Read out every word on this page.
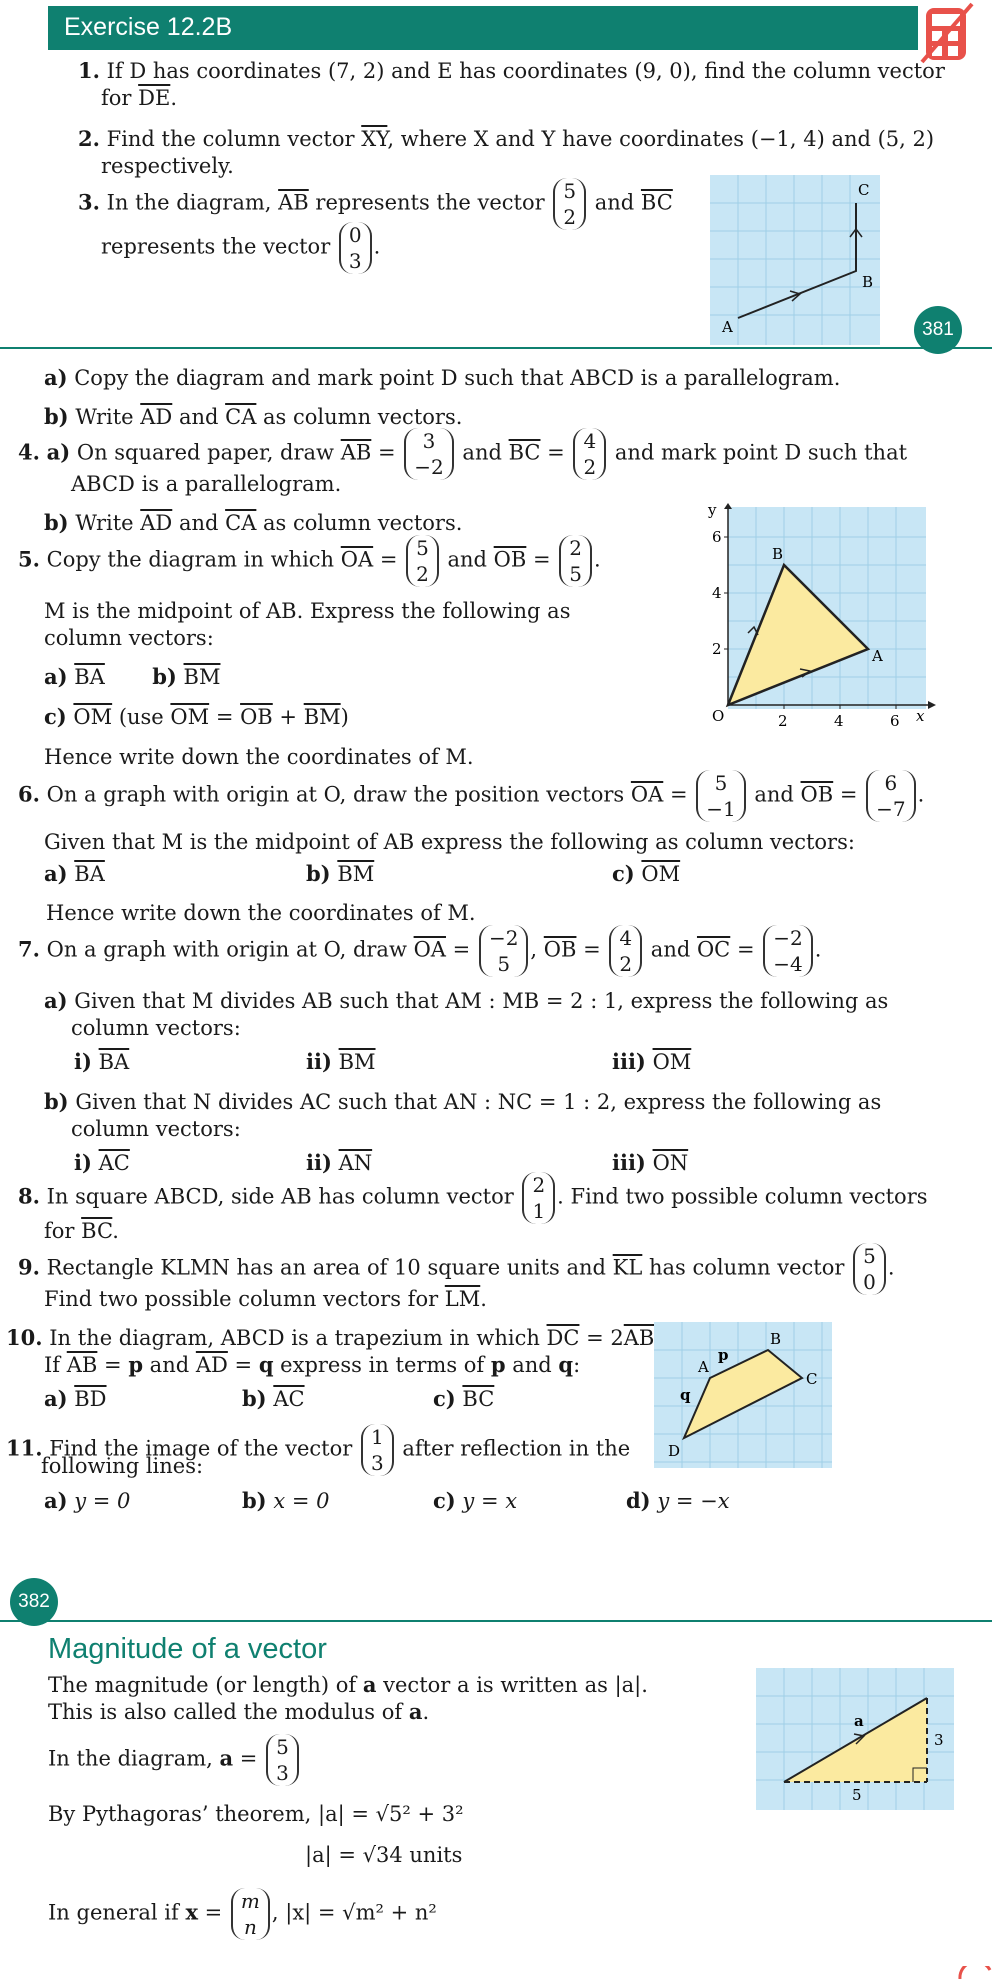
Exercise 12.2B
1. If D has coordinates (7, 2) and E has coordinates (9, 0), find the column vector
for $\overline{DE}$.
2. Find the column vector $\overline{XY}$, where X and Y have coordinates (−1, 4) and (5, 2)
respectively.
3. In the diagram, $\overline{AB}$ represents the vector 5
2 and $\overline{BC}$
represents the vector 0
3.
A
B
C
381
a) Copy the diagram and mark point D such that ABCD is a parallelogram.
b) Write $\overline{AD}$ and $\overline{CA}$ as column vectors.
4. a) On squared paper, draw $\overline{AB} = 3$
−2 and $\overline{BC} = 4$
2 and mark point D such that
ABCD is a parallelogram.
b) Write $\overline{AD}$ and $\overline{CA}$ as column vectors.
5. Copy the diagram in which $\overline{OA} = 5$
2 and $\overline{OB} = 2$
5.
M is the midpoint of AB. Express the following as
column vectors:
a) $\overline{BA}$ b) $\overline{BM}$
c) $\overline{OM}$ (use $\overline{OM} = \overline{OB} + \overline{BM}$)
Hence write down the coordinates of M.
y
x
O	2	4	6
2
4
6
B
A
6. On a graph with origin at O, draw the position vectors $\overline{OA} = 5$
−1 and $\overline{OB} = 6$
−7.
Given that M is the midpoint of AB express the following as column vectors:
a) $\overline{BA}$	b) $\overline{BM}$	c) $\overline{OM}$
Hence write down the coordinates of M.
7. On a graph with origin at O, draw $\overline{OA} = -2$
5, $\overline{OB} = 4$
2 and $\overline{OC} = -2$
−4.
a) Given that M divides AB such that AM : MB = 2 : 1, express the following as
column vectors:
i) $\overline{BA}$	ii) $\overline{BM}$	iii) $\overline{OM}$
b) Given that N divides AC such that AN : NC = 1 : 2, express the following as
column vectors:
i) $\overline{AC}$	ii) $\overline{AN}$	iii) $\overline{ON}$
8. In square ABCD, side AB has column vector 2
1. Find two possible column vectors
for $\overline{BC}$.
9. Rectangle KLMN has an area of 10 square units and $\overline{KL}$ has column vector 5
0.
Find two possible column vectors for $\overline{LM}$.
10. In the diagram, ABCD is a trapezium in which $\overline{DC} = 2\overline{AB}$
If $\overline{AB} = p$ and $\overline{AD} = q$ express in terms of p and q:
a) $\overline{BD}$	b) $\overline{AC}$	c) $\overline{BC}$
A
B
C
D
p
q
11. Find the image of the vector 1
3 after reflection in the
following lines:
a) y = 0	b) x = 0	c) y = x	d) y = −x
382
Magnitude of a vector
The magnitude (or length) of a vector a is written as |a|.
This is also called the modulus of a.
In the diagram, a = 5
3
By Pythagoras’ theorem, |a| = √5² + 3²
|a| = √34 units
In general if x = m
n, |x| = √m² + n²
a
5
3
